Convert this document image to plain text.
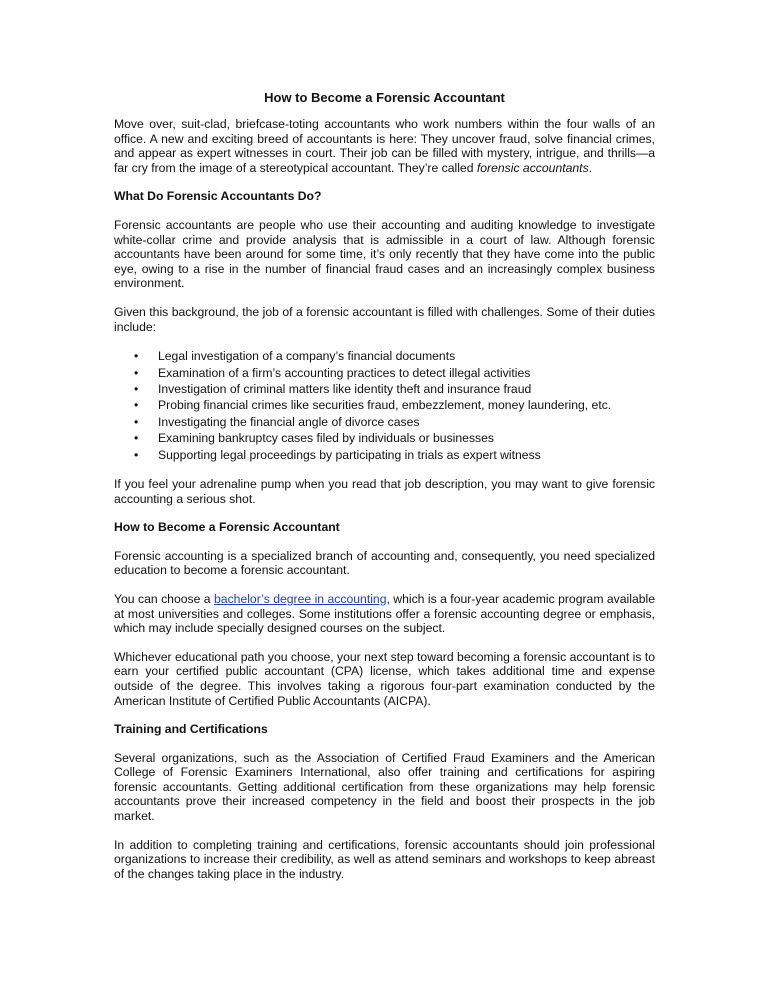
How to Become a Forensic Accountant

Move over, suit-clad, briefcase-toting accountants who work numbers within the four walls of an office. A new and exciting breed of accountants is here: They uncover fraud, solve financial crimes, and appear as expert witnesses in court. Their job can be filled with mystery, intrigue, and thrills—a far cry from the image of a stereotypical accountant. They’re called forensic accountants.

What Do Forensic Accountants Do?

Forensic accountants are people who use their accounting and auditing knowledge to investigate white-collar crime and provide analysis that is admissible in a court of law. Although forensic accountants have been around for some time, it’s only recently that they have come into the public eye, owing to a rise in the number of financial fraud cases and an increasingly complex business environment.

Given this background, the job of a forensic accountant is filled with challenges. Some of their duties include:

• Legal investigation of a company’s financial documents
• Examination of a firm’s accounting practices to detect illegal activities
• Investigation of criminal matters like identity theft and insurance fraud
• Probing financial crimes like securities fraud, embezzlement, money laundering, etc.
• Investigating the financial angle of divorce cases
• Examining bankruptcy cases filed by individuals or businesses
• Supporting legal proceedings by participating in trials as expert witness

If you feel your adrenaline pump when you read that job description, you may want to give forensic accounting a serious shot.

How to Become a Forensic Accountant

Forensic accounting is a specialized branch of accounting and, consequently, you need specialized education to become a forensic accountant.

You can choose a bachelor’s degree in accounting, which is a four-year academic program available at most universities and colleges. Some institutions offer a forensic accounting degree or emphasis, which may include specially designed courses on the subject.

Whichever educational path you choose, your next step toward becoming a forensic accountant is to earn your certified public accountant (CPA) license, which takes additional time and expense outside of the degree. This involves taking a rigorous four-part examination conducted by the American Institute of Certified Public Accountants (AICPA).

Training and Certifications

Several organizations, such as the Association of Certified Fraud Examiners and the American College of Forensic Examiners International, also offer training and certifications for aspiring forensic accountants. Getting additional certification from these organizations may help forensic accountants prove their increased competency in the field and boost their prospects in the job market.

In addition to completing training and certifications, forensic accountants should join professional organizations to increase their credibility, as well as attend seminars and workshops to keep abreast of the changes taking place in the industry.
